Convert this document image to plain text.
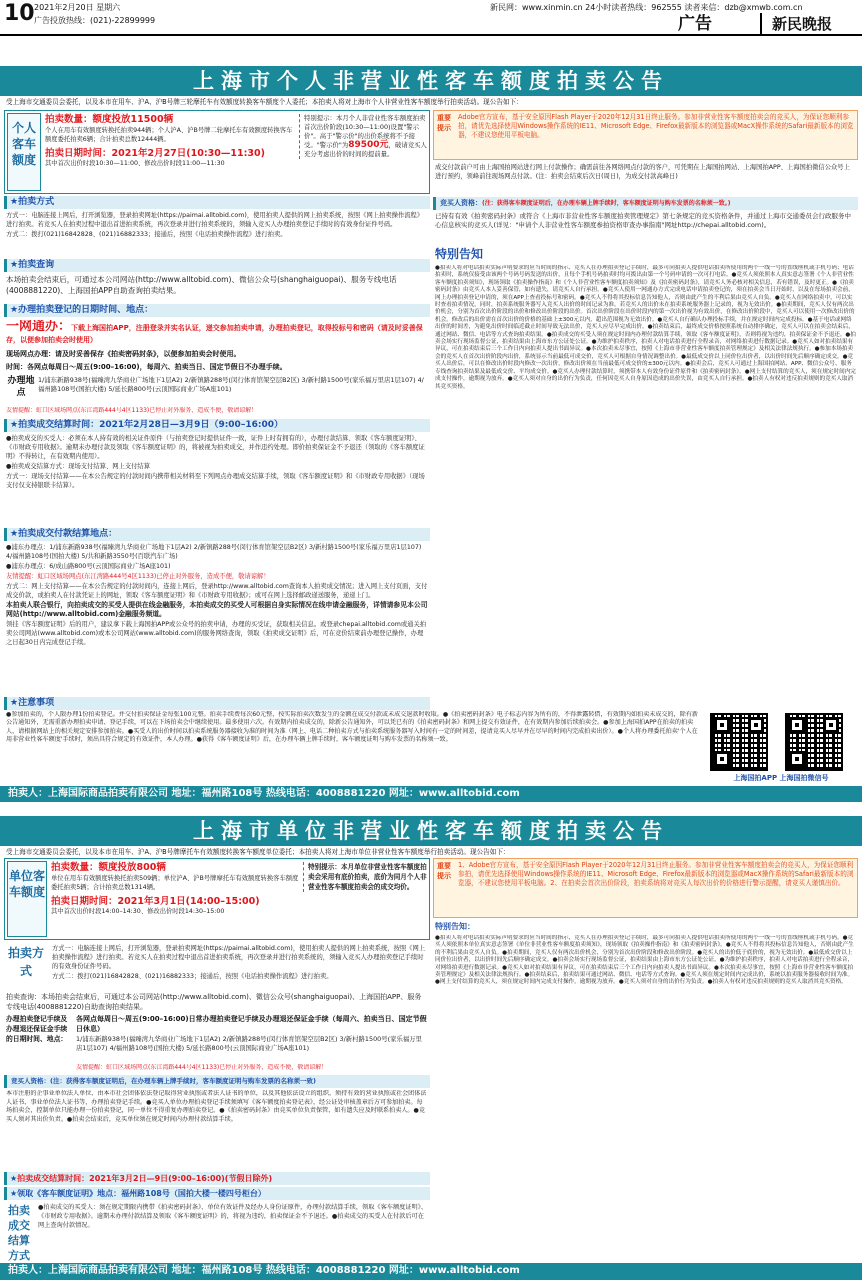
10 2021年2月20日 星期六
广告投放热线：(021)-22899999
新民网：www.xinmin.cn 24小时读者热线：962555 读者来信：dzb@xmwb.com.cn
广告	新民晚报
上海市个人非营业性客车额度拍卖公告
受上海市交通委员会委托，以及本市在用车、沪A、沪B号牌三轮摩托车有效额度转换客车额度个人委托；本拍卖人将对上海市个人非营业性客车额度举行拍卖活动。现公告如下：
个人客车额度
拍卖数量：额度投放11500辆
个人在用车有效额度转换托拍卖944辆；个人沪A、沪B号牌二轮摩托车有效额度转换客车额度委托拍卖6辆；合计拍卖总数12444辆。
拍卖日期时间：2021年2月27日(10:30—11:30)
其中首次出价时段10:30—11:00、修改出价时段11:00—11:30
特别提示：本月个人非营业性客车额度拍卖首次出价阶段(10:30—11:00)设置"警示价"。高于"警示价"的出价系统将不予接受。"警示价"为89500元，破请竞买人充分考虑出价的时间的提前量。
★拍卖方式

方式一：电脑连接上网后，打开浏览器，登录拍卖网址(https://paimai.alltobid.com)，使用拍卖人提供的网上拍卖系统，按照《网上拍卖操作流程》进行拍卖。若竞买人在拍卖过程中退出首进拍卖系统，再次登录并进行拍卖系统的，须输入竞买人办理拍卖登记手续时的有效身份证件号码。

方式二：拨打(021)16842828、(021)16882333；接通后，按照《电话拍卖操作流程》进行拍卖。

★拍卖查询
本场拍卖会结束后，可通过本公司网站(http://www.alltobid.com)、微信公众号(shanghaiguopai)、服务专线电话(4008881220)、上海国拍APP自助查询拍卖结果。
★办理拍卖登记的日期时间、地点：
一网通办：下载上海国拍APP，注册登录并实名认证，递交参加拍卖申请，办理拍卖登记，取得投标号和密码（请及时妥善保存，以便参加拍卖会时使用）
现场网点办理：请及时妥善保存《拍卖密码封条》，以便参加拍卖会时使用。
时间：各网点每周日～周五(9:00–16:00)，每周六、拍卖当日、国定节假日不办理手续。
办理地点
1/浦东新路938号(福臻湾九华商业广场地下1层A2) 2/新镇路288号(闵行体育馆架空层B2区) 3/新村路1500号(家乐福万里店1层107) 4/福州路108号(国拍大楼) 5/延长路800号(云顶国际商业广场A座101)
友情提醒：虹口区域场网点(东江湾路444号4区1133)已停止对外服务，造成不便，敬请谅解！
★拍卖成交结算时间：2021年2月28日—3月9日（9:00–16:00）

●拍卖成交的买受人：必须在本人持有效的相关证件原件（与拍卖登记时提供证件一致，证件上时有拥有的），办理付款结算、领取《客车额度证明》、《市财政专用收据》。逾期未办理付款及领取《客车额度证明》的，将被视为拍卖成交，并作违约处理。即价拍卖保证金不予退还（领取的《客车额度证明》不得转让，在有效期内使用）。

●拍卖成交结算方式：现场支付结算、网上支付结算

方式一：现场支付结算——在本公告规定的付款时间内携带相关材料至下列网点办理成交结算手续，领取《客车额度证明》和《市财政专用收据》（现场支付仅支持银联卡结算）。

★拍卖成交付款结算地点：

●浦东办理点：1/浦东新路938号(福臻湾九华商业广场地下1层A2) 2/新镇路288号(闵行体育馆架空层B2区) 3/新村路1500号(家乐福万里店1层107) 4/福州路108号(国拍大楼) 5/共和新路3550号(百联汽车广场)

●浦东办理点：6/成山路800号(云顶国际商业广场A座101)

友情提醒：虹口区域场网点(东江湾路444号4区1133)已停止对外服务，造成不便，敬请谅解！

方式二：网上支付结算——在本公告规定的付款时间内，连接上网后，登录http://www.alltobid.com查询本人拍卖成交情况；进入网上支付页面，支付成交价款，或拍卖人在付款凭证上的网址，领取《客车额度证明》和《市财政专用收据》；或可在网上选择邮政递送服务，递递上门。

本拍卖人联合银行，向拍卖成交的买受人提供在线金融服务，本拍卖成交的买受人可根据自身实际情况在线申请金融服务，详情请参见本公司网站(http://www.alltobid.com)金融服务频道。

领挂《客车额度证明》后的用户，建议拿下载上海国拍APP或公众号的拍卖申请，办理的买受证，获取相关信息。或登录chepai.alltobid.com或通关拍卖公司网站(www.alltobid.com)或本公司网站(www.alltobid.com)的服务网络查询，领取《拍卖成交证明》后，可在竞价结束前办理登记操作，办理之日起30日内完成登记手续。

★注意事项
●参加拍卖的，个人限办理1份拍卖登记。并交付拍卖保证金每张100元整。拍卖手续费每次60元整，按实际拍卖次数发生的金额在成交付款或未成交退款时收取。●《拍卖密码封条》电子标志内容为所有的，不得泄露转借，有效期内如拍卖未成交的，除有新公告通知外，无需重新办理拍卖申请、登记手续，可以在下场拍卖会中继续使用。最多使用六次。有效期内拍卖成交的，除新公告通知外，可以凭已有的《拍卖密码封条》和网上提交有效证件，在有效期内参加后续拍卖会。●参加上海国拍APP在拍卖的拍卖人，请根据网站上的相关规定安排参加拍卖。●买受人的出价时间以拍卖系统服务器接收为准的时间为准（网上、电话二种拍卖方式与拍卖系统服务器写入时间有一定的时间差，提请竞买人尽早并在尽早的时间内完成拍卖出价）。●个人将办理委托拍卖'个人在用非营业性客车额度'手续时，须出具符合规定的有效证件，本人办理。●获得《客车额度证明》后，在办理车辆上牌手续时，客车额度证明与购车发票的名称须一致。
重要提示
Adobe官方宣布，基于安全原因Flash Player于2020年12月31日终止服务。参加非营业性客车额度拍卖会的竞买人，为保证您顺利参拍，请优先选择使用Windows操作系统的IE11、Microsoft Edge、Firefox最新版本的浏览器或MacX操作系统的Safari最新版本的浏览器，不建议您使用平板电脑。
成交付款前户可由上海国拍网站进行网上付款操作；确需前往各网络网点付款的客户，可凭期在上海国拍网站、上海国拍APP、上海国拍微信公众号上进行预约，领峰前往现场网点付款。(注：拍卖会结束后次日(周日)，为成交付款高峰日)
竞买人资格：(注：获得客车额度证明后，在办理车辆上牌手续时，客车额度证明与购车发票的名称须一致。)
已持有有效《拍卖密码封条》或符合《上海市非营业性客车额度拍卖管理规定》第七条规定的竞买资格条件，并通过上海市交通委员会行政服务中心信息核实的竞买人(详见："申请个人非营业性客车额度参拍资格审查办事指南"网址http://chepai.alltobid.com)。
特别告知
●拍卖人将对电话拍卖实际声明要求的应当时间的指示、竞买人在办理拍卖登记手续时，最多可向拍卖人提供电话拍卖所使用的两个一线一号的直线座机或手机号码；电话拍卖时，系统仅接受由该两个号码号码发送的出价，且每个手机号码拍卖时均可拨出由第一个号码申请的一次可打电话。●竞买人须依照本人真实意志签署《个人非营业性客车额度拍卖须知》，现场领取《拍卖操作指南》和《个人非营业性客车额度拍卖须知》及《拍卖密码封条》，请竞买人务必核对相关信息，若有错误，及时更正。●《拍卖密码封条》由竞买人本人妥善保管，如有遗失，请竞买人自行承担。●竞买人使用一网通办方式完成电话申请拍卖登记的，须在拍卖会当日开始时，以及在每场拍卖会前，网上办理拍卖登记申请的，须在APP上查看投标号和密码。●竞买人不得将其投标信息告知他人，否则由此产生的不利后果由竞买人自负。●竞买人在网络拍卖中，可以实时查看拍卖情况，同时，拍卖系统服务器写入竞买人出价的时间记录为准。若竞买人的出价未在拍卖系统服务器上记录的，视为无效出价。●拍卖期间，竞买人仅有两次出价机会，分别为首次出价阶段的出价和修改出价阶段的出价。首次出价阶段在出价时段内的第一次出价视为有效出价，在修改出价阶段中，竞买人可以使用一次修改出价的机会。修改后的出价需在首次出价的价格的基础上±300元以内，超出范围视为无效出价。●竞买人自行确认办理投标手续，并在规定时间内完成投标。●基于电话或网络出价的时间差，为避免出价时间临近截止时间导致无法出价，竞买人应尽早完成出价。●拍卖结束后，最终成交价格按照系统自动排序确定，竞买人可以在拍卖会结束后，通过网站、微信、电话等方式查询拍卖结果。●拍卖成交的买受人须在规定时间内办理付款结算手续，领取《客车额度证明》，否则将视为违约，拍卖保证金不予退还。●拍卖会场实行现场监督公证，拍卖结果由上海市东方公证处公证。●为维护拍卖秩序，拍卖人对电话拍卖进行全程录音，对网络拍卖进行数据记录。●竞买人如对拍卖结果有异议，可在拍卖结束后三个工作日内向拍卖人提出书面异议。●本次拍卖未尽事宜，按照《上海市非营业性客车额度拍卖管理规定》及相关法律法规执行。●参加本场拍卖会的竞买人在首次出价阶段内出价，系统显示当前最低可成交价，竞买人可根据自身情况调整出价。●最低成交价以上同价位出价者，以出价时间先后顺序确定成交。●竞买人出价后，可以在修改出价时段内修改一次出价，修改出价须在当前最低可成交价的±300元以内。●拍卖会后，竞买人可通过上海国拍网站、APP、微信公众号、服务专线查询拍卖结果及最低成交价、平均成交价。●竞买人办理付款结算时，须携带本人有效身份证件原件和《拍卖密码封条》。●网上支付结算的竞买人，须在规定时间内完成支付操作，逾期视为放弃。●竞买人须对自身的出价行为负责，任何因竞买人自身原因造成的出价失误，由竞买人自行承担。●拍卖人有权对违反拍卖规则的竞买人取消其竞买资格。
上海国拍APP 上海国拍微信号
拍卖人：上海国际商品拍卖有限公司 地址：福州路108号 热线电话：4008881220 网址：www.alltobid.com
上海市单位非营业性客车额度拍卖公告
受上海市交通委员会委托，以及本市在用车、沪A、沪B号牌摩托车有效额度转换客车额度单位委托；本拍卖人将对上海市单位非营业性客车额度举行拍卖活动。现公告如下：
单位客车额度
拍卖数量：额度投放800辆
单位在用车有效额度转换托拍卖509辆；单位沪A、沪B号牌摩托车有效额度转换客车额度委托拍卖5辆；合计拍卖总数1314辆。
拍卖日期时间：2021年3月1日(14:00–15:00)
其中首次出价时段14:00–14:30、修改出价时段14:30–15:00
特别提示：本月单位非营业性客车额度拍卖会采用有底价拍卖，底价为同月个人非营业性客车额度拍卖会的成交均价。
拍卖方式

方式一：电脑连接上网后，打开浏览器，登录拍卖网址(https://paimai.alltobid.com)，使用拍卖人提供的网上拍卖系统，按照《网上拍卖操作流程》进行拍卖。若竞买人在拍卖过程中退出首进拍卖系统，再次登录并进行拍卖系统的，须输入竞买人办理拍卖登记手续时的有效身份证件号码。

方式二：拨打(021)16842828、(021)16882333；接通后，按照《电话拍卖操作流程》进行拍卖。

拍卖查询：本场拍卖会结束后，可通过本公司网站(http://www.alltobid.com)、微信公众号(shanghaiguopai)、上海国拍APP、服务专线电话(4008881220)自助查询拍卖结果。
办理拍卖登记手续及办理退还保证金手续的日期时间、地点：
各网点每周日～周五(9:00–16:00)日常办理拍卖登记手续及办理退还保证金手续（每周六、拍卖当日、国定节假日休息）
1/浦东新路938号(福臻湾九华商业广场地下1层A2) 2/新镇路288号(闵行体育馆架空层B2区) 3/新村路1500号(家乐福万里店1层107) 4/福州路108号(国拍大楼) 5/延长路800号(云顶国际商业广场A座101)
友情提醒：虹口区域场网点(东江湾路444号4区1133)已停止对外服务，造成不便，敬请谅解！
竞买人资格：(注：获得客车额度证明后，在办理车辆上牌手续时，客车额度证明与购车发票的名称须一致)
本市注册的企事业单位法人单位、由本市社会团体依法登记取得营业执照或者法人证书的单位，以及其他依法设立的组织，须持有效的营业执照或社会团体法人证书、事业单位法人证书等，办理拍卖登记手续。●竞买人单位办理拍卖登记手续须填写《客车额度拍卖登记表》，经公证处审核盖章后方可参加拍卖。每场拍卖会，控制单位只能办理一份拍卖登记，同一单位不得重复办理拍卖登记。●《拍卖密码封条》由竞买单位负责保管，如有遗失应及时联系拍卖人。●竞买人须对其出价负责。●拍卖会结束后，竞买单位须在规定时间内办理付款结算手续。
★拍卖成交结算时间：2021年3月2日—9日(9:00–16:00)(节假日除外)
★领取《客车额度证明》地点：福州路108号（国拍大楼一楼四号柜台）
拍卖成交结算方式
●拍卖成交的买受人：须在规定期限内携带《拍卖密码封条》、单位有效证件及经办人身份证原件，办理付款结算手续，领取《客车额度证明》、《市财政专用收据》。逾期未办理付款结算及领取《客车额度证明》的，将视为违约，拍卖保证金不予退还。●拍卖成交的买受人在付款后可在网上查询付款情况。
重要提示
1、Adobe官方宣布，基于安全原因Flash Player于2020年12月31日终止服务。参加非营业性客车额度拍卖会的竞买人，为保证您顺利参拍，请优先选择使用Windows操作系统的IE11、Microsoft Edge、Firefox最新版本的浏览器或MacX操作系统的Safari最新版本的浏览器，不建议您使用平板电脑。2、在拍卖会首次出价阶段，拍卖系统将对竞买人每次出价的价格进行警示提醒，请竞买人谨慎出价。
特别告知：
●拍卖人将对电话拍卖实际声明要求的应当时间的指示，竞买人在办理拍卖登记手续时，最多可向拍卖人提供电话拍卖所使用的两个一线一号的直线座机或手机号码。●竞买人须依照本单位真实意志签署《单位非营业性客车额度拍卖须知》，现场领取《拍卖操作指南》和《拍卖密码封条》。●竞买人不得将其投标信息告知他人，否则由此产生的不利后果由竞买人自负。●拍卖期间，竞买人仅有两次出价机会，分别为首次出价阶段和修改出价阶段。●竞买人的出价低于底价的，视为无效出价。●最低成交价以上同价位出价者，以出价时间先后顺序确定成交。●拍卖会场实行现场监督公证，拍卖结果由上海市东方公证处公证。●为维护拍卖秩序，拍卖人对电话拍卖进行全程录音，对网络拍卖进行数据记录。●竞买人如对拍卖结果有异议，可在拍卖结束后三个工作日内向拍卖人提出书面异议。●本次拍卖未尽事宜，按照《上海市非营业性客车额度拍卖管理规定》及相关法律法规执行。●拍卖结束后，拍卖结果可通过网站、微信、电话等方式查询。●竞买人须在规定时间内完成出价，系统以拍卖服务器接收时间为准。●网上支付结算的竞买人，须在规定时间内完成支付操作，逾期视为放弃。●竞买人须对自身的出价行为负责。●拍卖人有权对违反拍卖规则的竞买人取消其竞买资格。
拍卖人：上海国际商品拍卖有限公司 地址：福州路108号 热线电话：4008881220 网址：www.alltobid.com
